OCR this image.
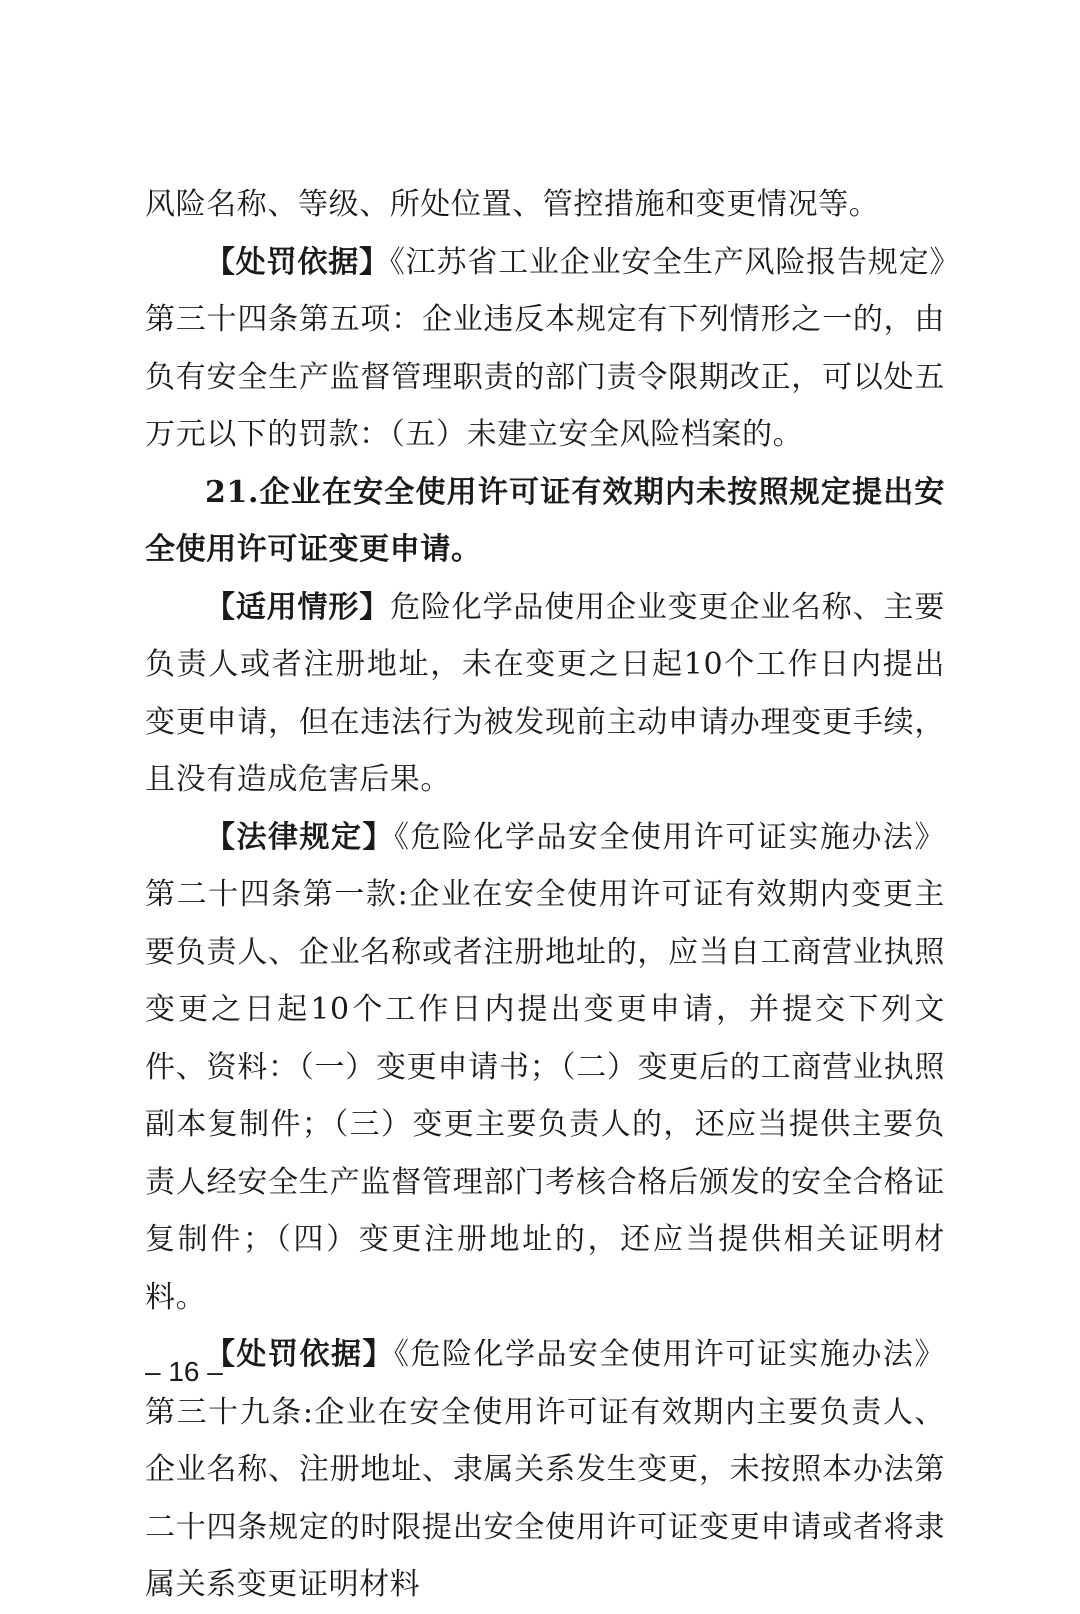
风险名称、等级、所处位置、管控措施和变更情况等。

【处罚依据】《江苏省工业企业安全生产风险报告规定》第三十四条第五项：企业违反本规定有下列情形之一的，由负有安全生产监督管理职责的部门责令限期改正，可以处五万元以下的罚款：（五）未建立安全风险档案的。

21.企业在安全使用许可证有效期内未按照规定提出安全使用许可证变更申请。

【适用情形】危险化学品使用企业变更企业名称、主要负责人或者注册地址，未在变更之日起10个工作日内提出变更申请，但在违法行为被发现前主动申请办理变更手续，且没有造成危害后果。

【法律规定】《危险化学品安全使用许可证实施办法》第二十四条第一款:企业在安全使用许可证有效期内变更主要负责人、企业名称或者注册地址的，应当自工商营业执照变更之日起10个工作日内提出变更申请，并提交下列文件、资料：（一）变更申请书；（二）变更后的工商营业执照副本复制件；（三）变更主要负责人的，还应当提供主要负责人经安全生产监督管理部门考核合格后颁发的安全合格证复制件；（四）变更注册地址的，还应当提供相关证明材料。

【处罚依据】《危险化学品安全使用许可证实施办法》第三十九条:企业在安全使用许可证有效期内主要负责人、企业名称、注册地址、隶属关系发生变更，未按照本办法第二十四条规定的时限提出安全使用许可证变更申请或者将隶属关系变更证明材料

– 16 –
